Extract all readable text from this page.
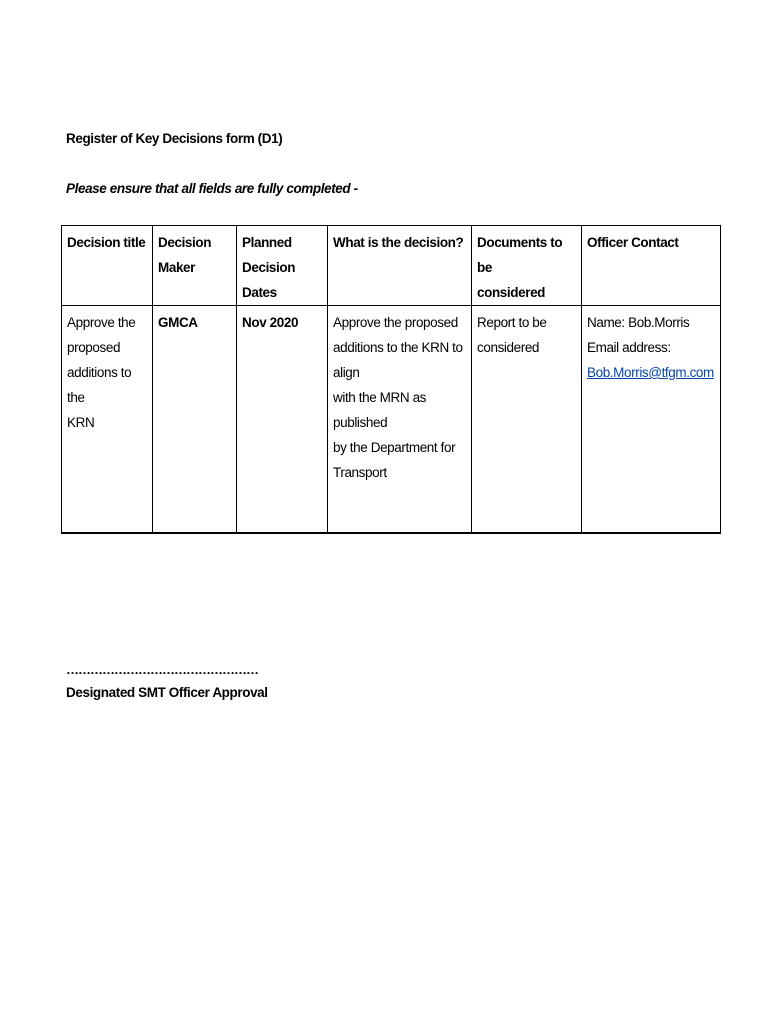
Register of Key Decisions form (D1)
Please ensure that all fields are fully completed -
Decision title	Decision Maker	Planned Decision
Dates	What is the decision?	Documents to be
considered	Officer Contact

Approve the
proposed
additions to the
KRN	GMCA	Nov 2020	Approve the proposed
additions to the KRN to align
with the MRN as published
by the Department for
Transport	Report to be
considered	Name: Bob.Morris
Email address:
Bob.Morris@tfgm.com
…………………………………………
Designated SMT Officer Approval
